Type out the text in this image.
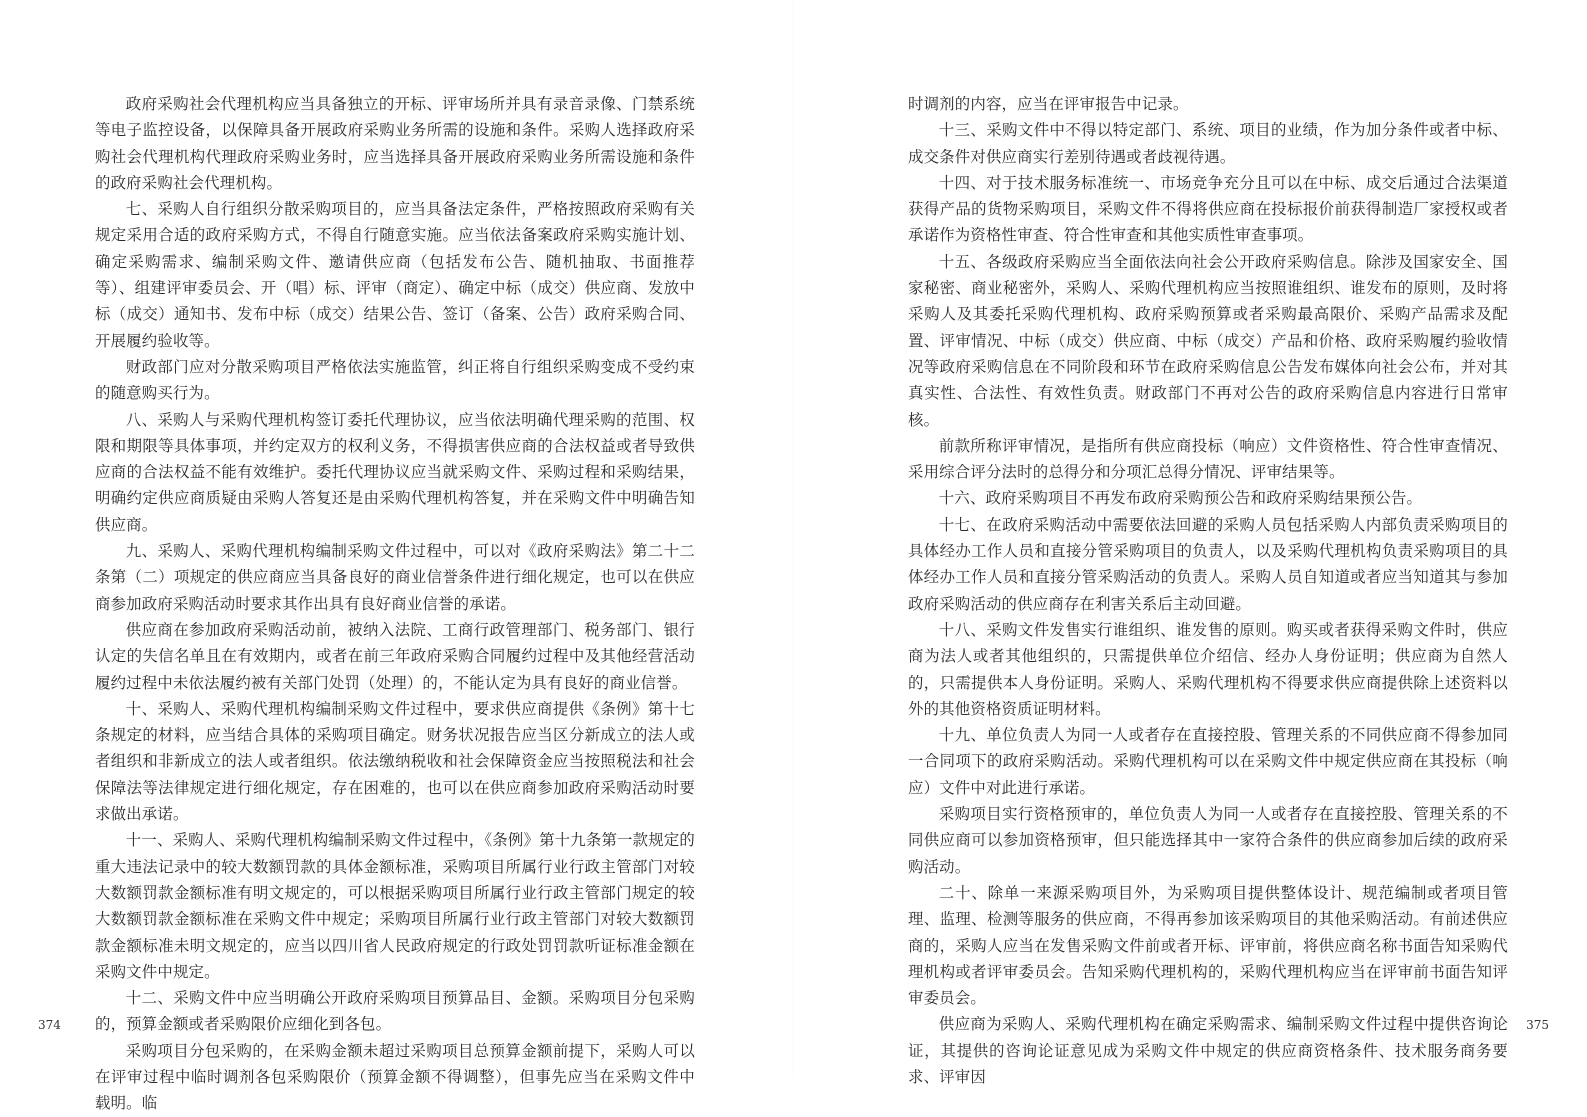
政府采购社会代理机构应当具备独立的开标、评审场所并具有录音录像、门禁系统等电子监控设备，以保障具备开展政府采购业务所需的设施和条件。采购人选择政府采购社会代理机构代理政府采购业务时，应当选择具备开展政府采购业务所需设施和条件的政府采购社会代理机构。

七、采购人自行组织分散采购项目的，应当具备法定条件，严格按照政府采购有关规定采用合适的政府采购方式，不得自行随意实施。应当依法备案政府采购实施计划、确定采购需求、编制采购文件、邀请供应商（包括发布公告、随机抽取、书面推荐等）、组建评审委员会、开（唱）标、评审（商定）、确定中标（成交）供应商、发放中标（成交）通知书、发布中标（成交）结果公告、签订（备案、公告）政府采购合同、开展履约验收等。

财政部门应对分散采购项目严格依法实施监管，纠正将自行组织采购变成不受约束的随意购买行为。

八、采购人与采购代理机构签订委托代理协议，应当依法明确代理采购的范围、权限和期限等具体事项，并约定双方的权利义务，不得损害供应商的合法权益或者导致供应商的合法权益不能有效维护。委托代理协议应当就采购文件、采购过程和采购结果，明确约定供应商质疑由采购人答复还是由采购代理机构答复，并在采购文件中明确告知供应商。

九、采购人、采购代理机构编制采购文件过程中，可以对《政府采购法》第二十二条第（二）项规定的供应商应当具备良好的商业信誉条件进行细化规定，也可以在供应商参加政府采购活动时要求其作出具有良好商业信誉的承诺。

供应商在参加政府采购活动前，被纳入法院、工商行政管理部门、税务部门、银行认定的失信名单且在有效期内，或者在前三年政府采购合同履约过程中及其他经营活动履约过程中未依法履约被有关部门处罚（处理）的，不能认定为具有良好的商业信誉。

十、采购人、采购代理机构编制采购文件过程中，要求供应商提供《条例》第十七条规定的材料，应当结合具体的采购项目确定。财务状况报告应当区分新成立的法人或者组织和非新成立的法人或者组织。依法缴纳税收和社会保障资金应当按照税法和社会保障法等法律规定进行细化规定，存在困难的，也可以在供应商参加政府采购活动时要求做出承诺。

十一、采购人、采购代理机构编制采购文件过程中，《条例》第十九条第一款规定的重大违法记录中的较大数额罚款的具体金额标准，采购项目所属行业行政主管部门对较大数额罚款金额标准有明文规定的，可以根据采购项目所属行业行政主管部门规定的较大数额罚款金额标准在采购文件中规定；采购项目所属行业行政主管部门对较大数额罚款金额标准未明文规定的，应当以四川省人民政府规定的行政处罚罚款听证标准金额在采购文件中规定。

十二、采购文件中应当明确公开政府采购项目预算品目、金额。采购项目分包采购的，预算金额或者采购限价应细化到各包。

采购项目分包采购的，在采购金额未超过采购项目总预算金额前提下，采购人可以在评审过程中临时调剂各包采购限价（预算金额不得调整），但事先应当在采购文件中载明。临

374

时调剂的内容，应当在评审报告中记录。

十三、采购文件中不得以特定部门、系统、项目的业绩，作为加分条件或者中标、成交条件对供应商实行差别待遇或者歧视待遇。

十四、对于技术服务标准统一、市场竞争充分且可以在中标、成交后通过合法渠道获得产品的货物采购项目，采购文件不得将供应商在投标报价前获得制造厂家授权或者承诺作为资格性审查、符合性审查和其他实质性审查事项。

十五、各级政府采购应当全面依法向社会公开政府采购信息。除涉及国家安全、国家秘密、商业秘密外，采购人、采购代理机构应当按照谁组织、谁发布的原则，及时将采购人及其委托采购代理机构、政府采购预算或者采购最高限价、采购产品需求及配置、评审情况、中标（成交）供应商、中标（成交）产品和价格、政府采购履约验收情况等政府采购信息在不同阶段和环节在政府采购信息公告发布媒体向社会公布，并对其真实性、合法性、有效性负责。财政部门不再对公告的政府采购信息内容进行日常审核。

前款所称评审情况，是指所有供应商投标（响应）文件资格性、符合性审查情况、采用综合评分法时的总得分和分项汇总得分情况、评审结果等。

十六、政府采购项目不再发布政府采购预公告和政府采购结果预公告。

十七、在政府采购活动中需要依法回避的采购人员包括采购人内部负责采购项目的具体经办工作人员和直接分管采购项目的负责人，以及采购代理机构负责采购项目的具体经办工作人员和直接分管采购活动的负责人。采购人员自知道或者应当知道其与参加政府采购活动的供应商存在利害关系后主动回避。

十八、采购文件发售实行谁组织、谁发售的原则。购买或者获得采购文件时，供应商为法人或者其他组织的，只需提供单位介绍信、经办人身份证明；供应商为自然人的，只需提供本人身份证明。采购人、采购代理机构不得要求供应商提供除上述资料以外的其他资格资质证明材料。

十九、单位负责人为同一人或者存在直接控股、管理关系的不同供应商不得参加同一合同项下的政府采购活动。采购代理机构可以在采购文件中规定供应商在其投标（响应）文件中对此进行承诺。

采购项目实行资格预审的，单位负责人为同一人或者存在直接控股、管理关系的不同供应商可以参加资格预审，但只能选择其中一家符合条件的供应商参加后续的政府采购活动。

二十、除单一来源采购项目外，为采购项目提供整体设计、规范编制或者项目管理、监理、检测等服务的供应商，不得再参加该采购项目的其他采购活动。有前述供应商的，采购人应当在发售采购文件前或者开标、评审前，将供应商名称书面告知采购代理机构或者评审委员会。告知采购代理机构的，采购代理机构应当在评审前书面告知评审委员会。

供应商为采购人、采购代理机构在确定采购需求、编制采购文件过程中提供咨询论证，其提供的咨询论证意见成为采购文件中规定的供应商资格条件、技术服务商务要求、评审因

375
